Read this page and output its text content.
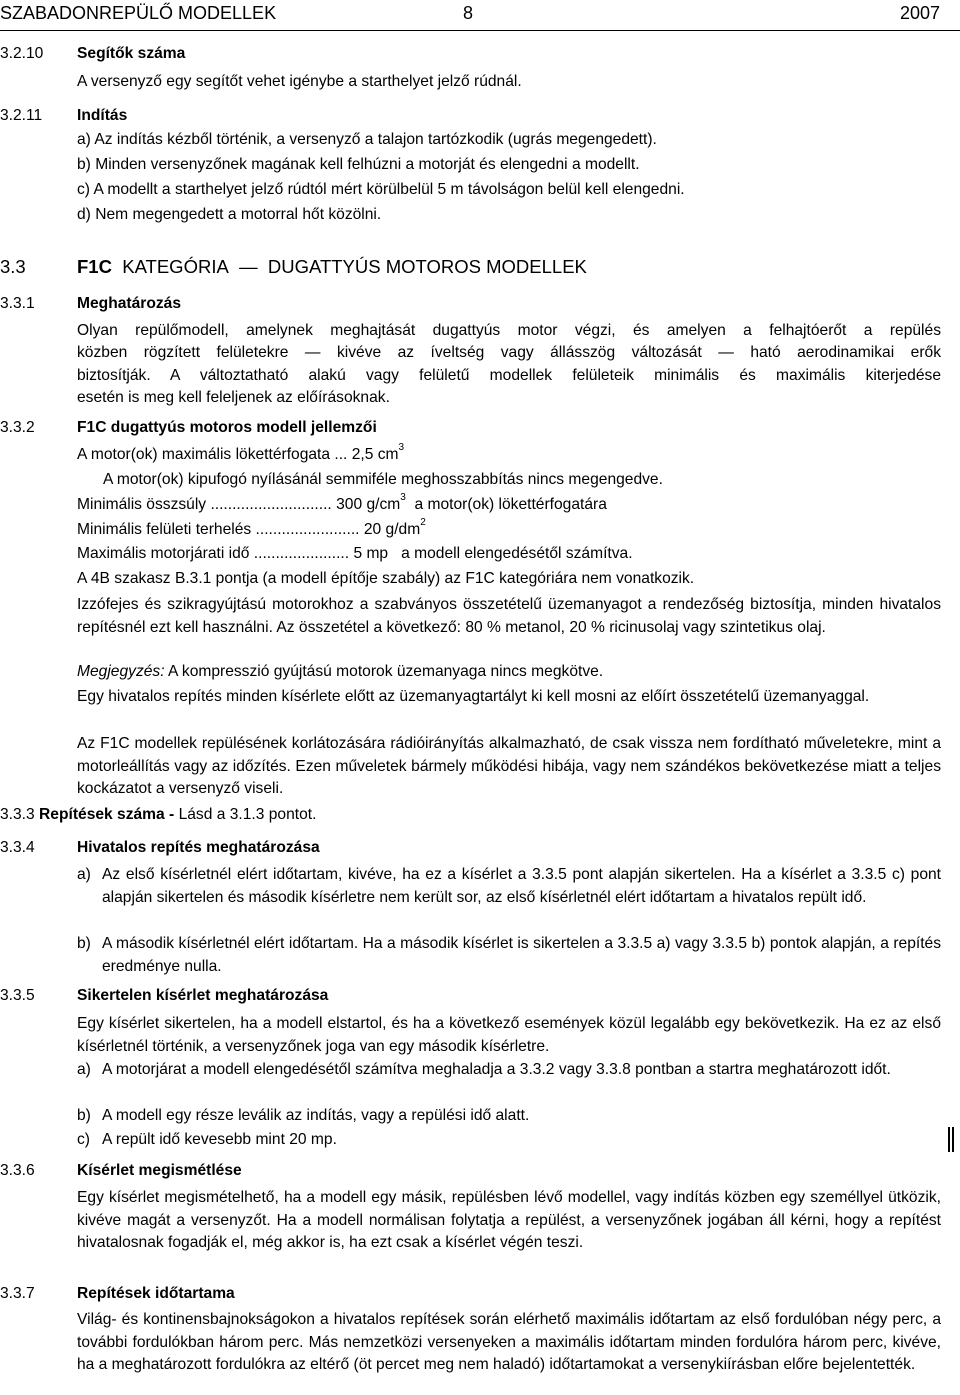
SZABADONREPÜLŐ MODELLEK	8	2007
3.2.10 Segítők száma
A versenyző egy segítőt vehet igénybe a starthelyet jelző rúdnál.
3.2.11 Indítás
a) Az indítás kézből történik, a versenyző a talajon tartózkodik (ugrás megengedett).
b) Minden versenyzőnek magának kell felhúzni a motorját és elengedni a modellt.
c) A modellt a starthelyet jelző rúdtól mért körülbelül 5 m távolságon belül kell elengedni.
d) Nem megengedett a motorral hőt közölni.
3.3	F1C KATEGÓRIA — DUGATTYÚS MOTOROS MODELLEK
3.3.1	Meghatározás
Olyan repülőmodell, amelynek meghajtását dugattyús motor végzi, és amelyen a felhajtóerőt a repülés
közben rögzített felületekre — kivéve az íveltség vagy állásszög változását — ható aerodinamikai erők
biztosítják. A változtatható alakú vagy felületű modellek felületeik minimális és maximális kiterjedése
esetén is meg kell feleljenek az előírásoknak.
3.3.2	F1C dugattyús motoros modell jellemzői
A motor(ok) maximális lökettérfogata ... 2,5 $cm^3$
A motor(ok) kipufogó nyílásánál semmiféle meghosszabbítás nincs megengedve.
Minimális összsúly ............................ 300 $g/cm^3$ a motor(ok) lökettérfogatára
Minimális felületi terhelés ........................ 20 $g/dm^2$
Maximális motorjárati idő ...................... 5 mp a modell elengedésétől számítva.
A 4B szakasz B.3.1 pontja (a modell építője szabály) az F1C kategóriára nem vonatkozik.
Izzófejes és szikragyújtású motorokhoz a szabványos összetételű üzemanyagot a rendezőség biztosítja, minden hivatalos repítésnél ezt kell használni. Az összetétel a következő: 80 % metanol, 20 % ricinusolaj vagy szintetikus olaj.
Megjegyzés: A kompresszió gyújtású motorok üzemanyaga nincs megkötve.
Egy hivatalos repítés minden kísérlete előtt az üzemanyagtartályt ki kell mosni az előírt összetételű üzemanyaggal.
Az F1C modellek repülésének korlátozására rádióirányítás alkalmazható, de csak vissza nem fordítható műveletekre, mint a motorleállítás vagy az időzítés. Ezen műveletek bármely működési hibája, vagy nem szándékos bekövetkezése miatt a teljes kockázatot a versenyző viseli.
3.3.3 Repítések száma - Lásd a 3.1.3 pontot.
3.3.4	Hivatalos repítés meghatározása
a) Az első kísérletnél elért időtartam, kivéve, ha ez a kísérlet a 3.3.5 pont alapján sikertelen. Ha a kísérlet a 3.3.5 c) pont alapján sikertelen és második kísérletre nem került sor, az első kísérletnél elért időtartam a hivatalos repült idő.
b) A második kísérletnél elért időtartam. Ha a második kísérlet is sikertelen a 3.3.5 a) vagy 3.3.5 b) pontok alapján, a repítés eredménye nulla.
3.3.5	Sikertelen kísérlet meghatározása
Egy kísérlet sikertelen, ha a modell elstartol, és ha a következő események közül legalább egy bekövetkezik. Ha ez az első kísérletnél történik, a versenyzőnek joga van egy második kísérletre.
a) A motorjárat a modell elengedésétől számítva meghaladja a 3.3.2 vagy 3.3.8 pontban a startra meghatározott időt.
b) A modell egy része leválik az indítás, vagy a repülési idő alatt.
c) A repült idő kevesebb mint 20 mp.
3.3.6	Kísérlet megismétlése
Egy kísérlet megismételhető, ha a modell egy másik, repülésben lévő modellel, vagy indítás közben egy személlyel ütközik, kivéve magát a versenyzőt. Ha a modell normálisan folytatja a repülést, a versenyzőnek jogában áll kérni, hogy a repítést hivatalosnak fogadják el, még akkor is, ha ezt csak a kísérlet végén teszi.
3.3.7	Repítések időtartama
Világ- és kontinensbajnokságokon a hivatalos repítések során elérhető maximális időtartam az első fordulóban négy perc, a további fordulókban három perc. Más nemzetközi versenyeken a maximális időtartam minden fordulóra három perc, kivéve, ha a meghatározott fordulókra az eltérő (öt percet meg nem haladó) időtartamokat a versenykiírásban előre bejelentették.
